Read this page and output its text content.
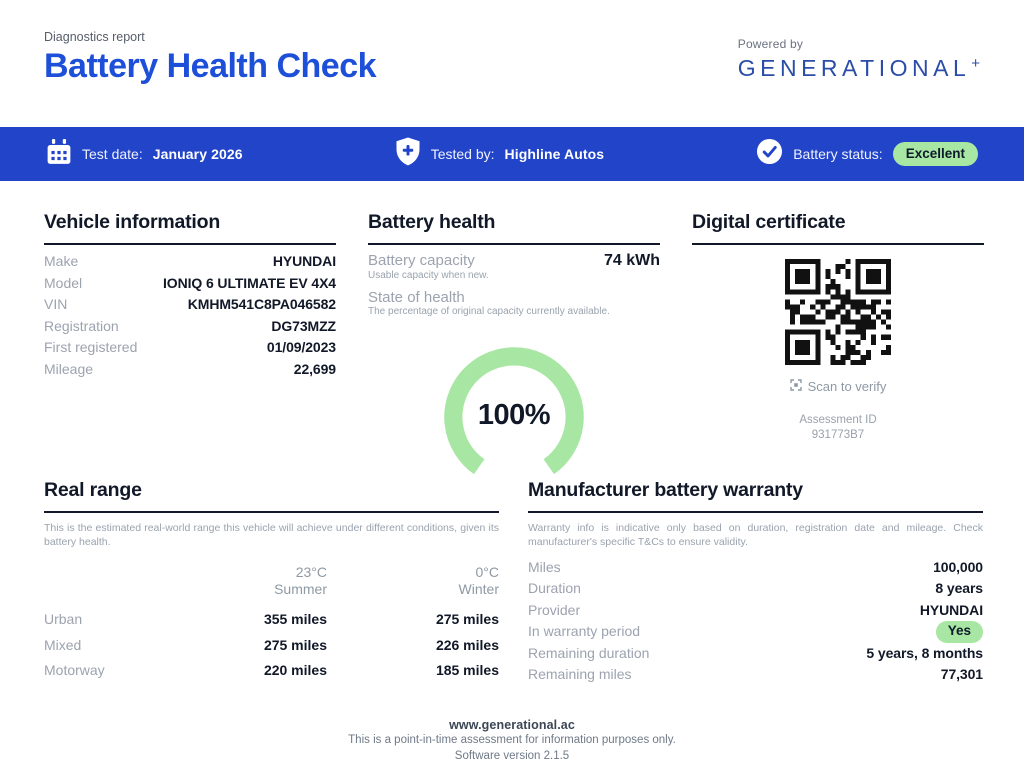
Diagnostics report
Battery Health Check
Powered by
GENERATIONAL+
Test date: January 2026	Tested by: Highline Autos	Battery status:	Excellent
Vehicle information
Make	HYUNDAI
Model	IONIQ 6 ULTIMATE EV 4X4
VIN	KMHM541C8PA046582
Registration	DG73MZZ
First registered	01/09/2023
Mileage	22,699
Battery health
Battery capacity	74 kWh
Usable capacity when new.
State of health
The percentage of original capacity currently available.
100%
Digital certificate
Scan to verify
Assessment ID
931773B7
Real range
This is the estimated real-world range this vehicle will achieve under different conditions, given its battery health.
23°C
Summer
0°C
Winter
Urban	355 miles	275 miles
Mixed	275 miles	226 miles
Motorway	220 miles	185 miles
Manufacturer battery warranty
Warranty info is indicative only based on duration, registration date and mileage. Check manufacturer's specific T&Cs to ensure validity.
Miles	100,000
Duration	8 years
Provider	HYUNDAI
In warranty period	Yes
Remaining duration	5 years, 8 months
Remaining miles	77,301
www.generational.ac
This is a point-in-time assessment for information purposes only.
Software version 2.1.5
